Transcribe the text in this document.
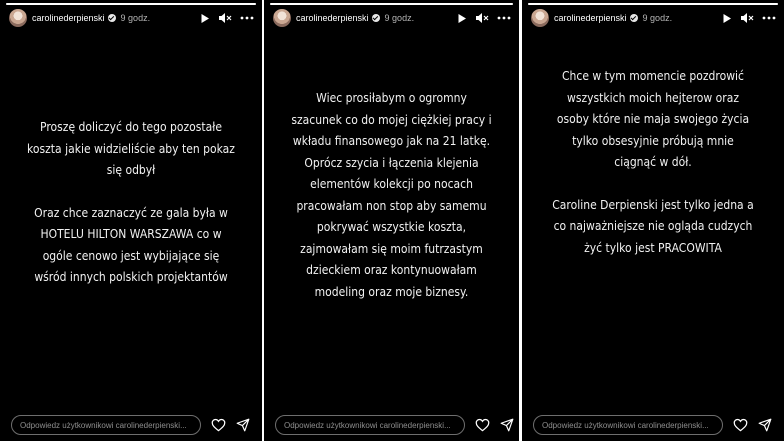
carolinederpienski 9 godz.

Proszę doliczyć do tego pozostałe

koszta jakie widzieliście aby ten pokaz

się odbył

Oraz chce zaznaczyć ze gala była w

HOTELU HILTON WARSZAWA co w

ogóle cenowo jest wybijające się

wśród innych polskich projektantów

Odpowiedz użytkownikowi carolinederpienski...
carolinederpienski 9 godz.

Wiec prosiłabym o ogromny

szacunek co do mojej ciężkiej pracy i

wkładu finansowego jak na 21 latkę.

Oprócz szycia i łączenia klejenia

elementów kolekcji po nocach

pracowałam non stop aby samemu

pokrywać wszystkie koszta,

zajmowałam się moim futrzastym

dzieckiem oraz kontynuowałam

modeling oraz moje biznesy.

Odpowiedz użytkownikowi carolinederpienski...
carolinederpienski 9 godz.

Chce w tym momencie pozdrowić

wszystkich moich hejterow oraz

osoby które nie maja swojego życia

tylko obsesyjnie próbują mnie

ciągnąć w dół.

Caroline Derpienski jest tylko jedna a

co najważniejsze nie ogląda cudzych

żyć tylko jest PRACOWITA

Odpowiedz użytkownikowi carolinederpienski...
